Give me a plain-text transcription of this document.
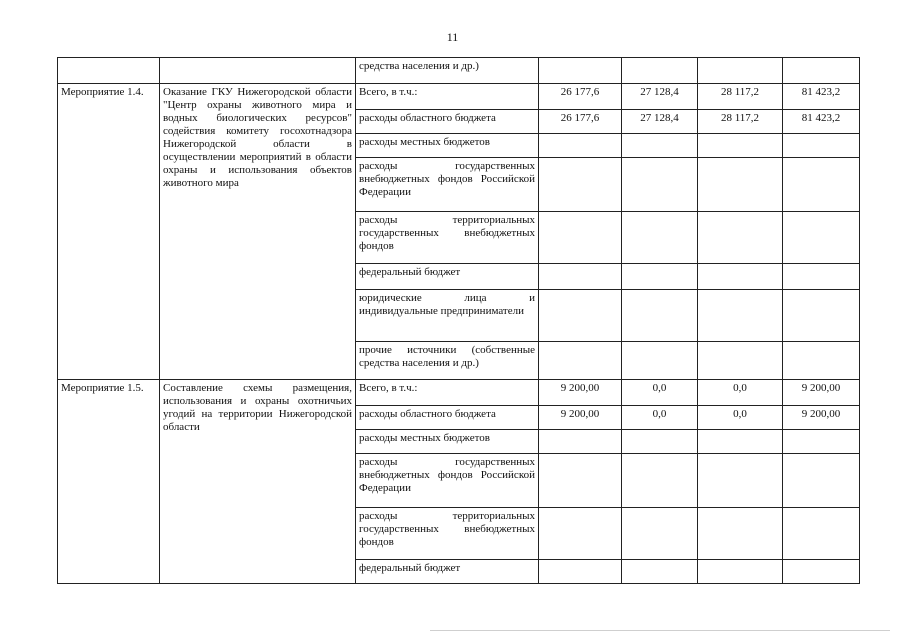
11
		средства населения и др.)				
Мероприятие 1.4.	Оказание ГКУ Нижегородской области "Центр охраны животного мира и водных биологических ресурсов" содействия комитету госохотнадзора Нижегородской области в осуществлении мероприятий в области охраны и использования объектов животного мира	Всего, в т.ч.:	26 177,6	27 128,4	28 117,2	81 423,2
		расходы областного бюджета	26 177,6	27 128,4	28 117,2	81 423,2
		расходы местных бюджетов				
		расходы государственных внебюджетных фондов Российской Федерации				
		расходы территориальных государственных внебюджетных фондов				
		федеральный бюджет				
		юридические лица и индивидуальные предприниматели				
		прочие источники (собственные средства населения и др.)				
Мероприятие 1.5.	Составление схемы размещения, использования и охраны охотничьих угодий на территории Нижегородской области	Всего, в т.ч.:	9 200,00	0,0	0,0	9 200,00
		расходы областного бюджета	9 200,00	0,0	0,0	9 200,00
		расходы местных бюджетов				
		расходы государственных внебюджетных фондов Российской Федерации				
		расходы территориальных государственных внебюджетных фондов				
		федеральный бюджет				
